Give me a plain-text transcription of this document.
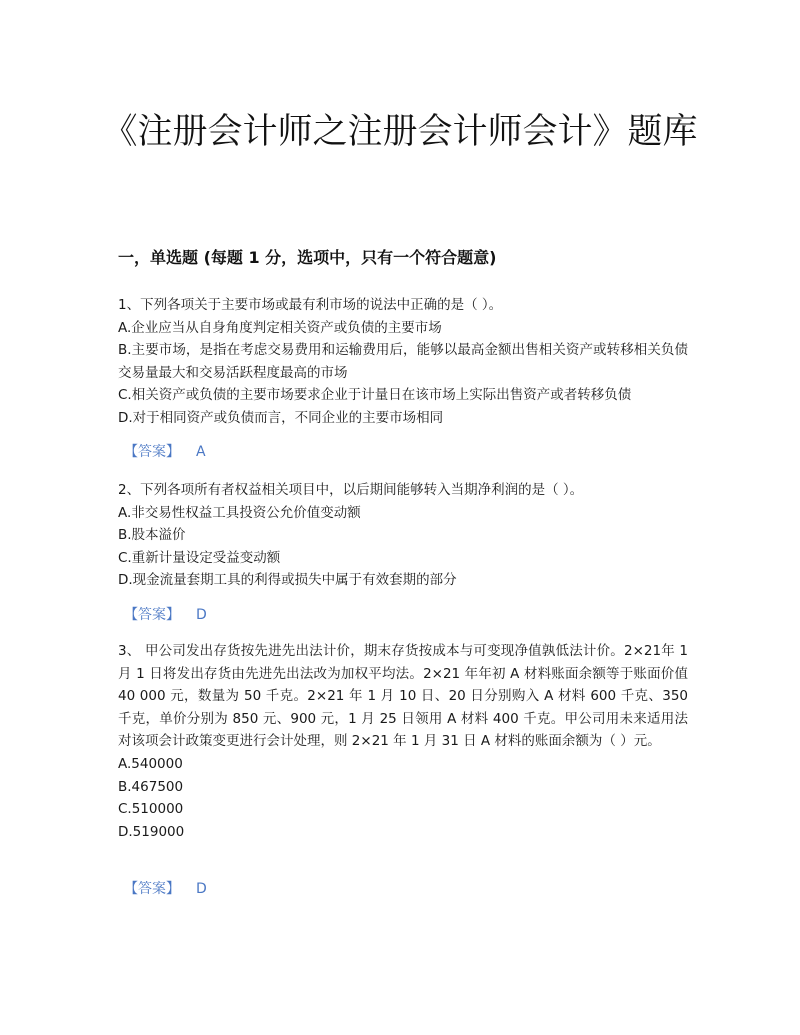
《注册会计师之注册会计师会计》题库
一，单选题 (每题 1 分，选项中，只有一个符合题意)
1、下列各项关于主要市场或最有利市场的说法中正确的是（ ）。
A.企业应当从自身角度判定相关资产或负债的主要市场
B.主要市场，是指在考虑交易费用和运输费用后，能够以最高金额出售相关资产或转移相关负债交易量最大和交易活跃程度最高的市场
C.相关资产或负债的主要市场要求企业于计量日在该市场上实际出售资产或者转移负债
D.对于相同资产或负债而言，不同企业的主要市场相同
【答案】 A
2、下列各项所有者权益相关项目中，以后期间能够转入当期净利润的是（ ）。
A.非交易性权益工具投资公允价值变动额
B.股本溢价
C.重新计量设定受益变动额
D.现金流量套期工具的利得或损失中属于有效套期的部分
【答案】 D
3、 甲公司发出存货按先进先出法计价，期末存货按成本与可变现净值孰低法计价。2×21年 1 月 1 日将发出存货由先进先出法改为加权平均法。2×21 年年初 A 材料账面余额等于账面价值 40 000 元，数量为 50 千克。2×21 年 1 月 10 日、20 日分别购入 A 材料 600 千克、350 千克，单价分别为 850 元、900 元，1 月 25 日领用 A 材料 400 千克。甲公司用未来适用法对该项会计政策变更进行会计处理，则 2×21 年 1 月 31 日 A 材料的账面余额为（ ）元。
A.540000
B.467500
C.510000
D.519000
【答案】 D
